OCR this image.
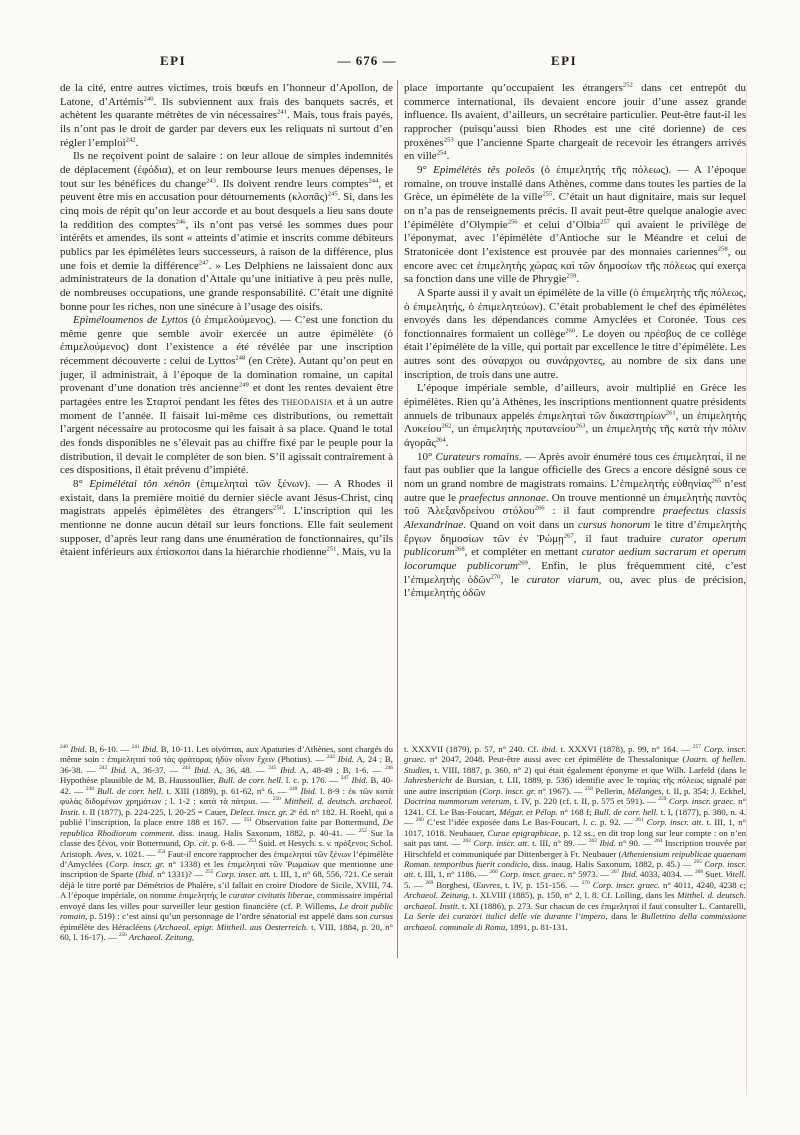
EPI	— 676 —	EPI

de la cité, entre autres victimes, trois bœufs en l’honneur d’Apollon, de Latone, d’Artémis$^{240}$. Ils subviennent aux frais des banquets sacrés, et achètent les quarante métrètes de vin nécessaires$^{241}$. Mais, tous frais payés, ils n’ont pas le droit de garder par devers eux les reliquats ni surtout d’en régler l’emploi$^{242}$.

Ils ne reçoivent point de salaire : on leur alloue de simples indemnités de déplacement (ἐφόδια), et on leur rembourse leurs menues dépenses, le tout sur les bénéfices du change$^{243}$. Ils doivent rendre leurs comptes$^{244}$, et peuvent être mis en accusation pour détournements (κλοπᾶς)$^{245}$. Si, dans les cinq mois de répit qu’on leur accorde et au bout desquels a lieu sans doute la reddition des comptes$^{246}$, ils n’ont pas versé les sommes dues pour intérêts et amendes, ils sont « atteints d’atimie et inscrits comme débiteurs publics par les épimélètes leurs successeurs, à raison de la différence, plus une fois et demie la différence$^{247}$. » Les Delphiens ne laissaient donc aux administrateurs de la donation d’Attale qu’une initiative à peu près nulle, de nombreuses occupations, une grande responsabilité. C’était une dignité bonne pour les riches, non une sinécure à l’usage des oisifs.

Epiméloumenos de Lyttos (ὁ ἐπιμελούμενος). — C’est une fonction du même genre que semble avoir exercée un autre épimélète (ὁ ἐπιμελούμενος) dont l’existence a été révélée par une inscription récemment découverte : celui de Lyttos$^{248}$ (en Crète). Autant qu’on peut en juger, il administrait, à l’époque de la domination romaine, un capital provenant d’une donation très ancienne$^{249}$ et dont les rentes devaient être partagées entre les Σταρτοί pendant les fêtes des theodaisia et à un autre moment de l’année. Il faisait lui-même ces distributions, ou remettait l’argent nécessaire au protocosme qui les faisait à sa place. Quand le total des fonds disponibles ne s’élevait pas au chiffre fixé par le peuple pour la distribution, il devait le compléter de son bien. S’il agissait contrairement à ces dispositions, il était prévenu d’impiété.

8° Epimélétai tôn xénôn (ἐπιμεληταὶ τῶν ξένων). — A Rhodes il existait, dans la première moitié du dernier siècle avant Jésus-Christ, cinq magistrats appelés épimélètes des étrangers$^{250}$. L’inscription qui les mentionne ne donne aucun détail sur leurs fonctions. Elle fait seulement supposer, d’après leur rang dans une énumération de fonctionnaires, qu’ils étaient inférieurs aux ἐπίσκοποι dans la hiérarchie rhodienne$^{251}$. Mais, vu la

place importante qu’occupaient les étrangers$^{252}$ dans cet entrepôt du commerce international, ils devaient encore jouir d’une assez grande influence. Ils avaient, d’ailleurs, un secrétaire particulier. Peut-être faut-il les rapprocher (puisqu’aussi bien Rhodes est une cité dorienne) de ces proxènes$^{253}$ que l’ancienne Sparte chargeait de recevoir les étrangers arrivés en ville$^{254}$.

9° Epimélétès tês poleôs (ὁ ἐπιμελητής τῆς πόλεως). — A l’époque romaine, on trouve installé dans Athènes, comme dans toutes les parties de la Grèce, un épimélète de la ville$^{255}$. C’était un haut dignitaire, mais sur lequel on n’a pas de renseignements précis. Il avait peut-être quelque analogie avec l’épimélète d’Olympie$^{256}$ et celui d’Olbia$^{257}$ qui avaient le privilège de l’éponymat, avec l’épimélète d’Antioche sur le Méandre et celui de Stratonicée dont l’existence est prouvée par des monnaies cariennes$^{258}$, ou encore avec cet ἐπιμελητὴς χώρας καὶ τῶν δημοσίων τῆς πόλεως qui exerça sa fonction dans une ville de Phrygie$^{259}$.

A Sparte aussi il y avait un épimélète de la ville (ὁ ἐπιμελητὴς τῆς πόλεως, ὁ ἐπιμελητής, ὁ ἐπιμελητεύων). C’était probablement le chef des épimélètes envoyés dans les dépendances comme Amyclées et Coronée. Tous ces fonctionnaires formaient un collège$^{260}$. Le doyen ou πρέσβυς de ce collège était l’épimélète de la ville, qui portait par excellence le titre d’épimélète. Les autres sont des σύναρχοι ou συνάρχοντες, au nombre de six dans une inscription, de trois dans une autre.

L’époque impériale semble, d’ailleurs, avoir multiplié en Grèce les épimélètes. Rien qu’à Athènes, les inscriptions mentionnent quatre présidents annuels de tribunaux appelés ἐπιμεληταὶ τῶν δικαστηρίων$^{261}$, un ἐπιμελητὴς Λυκείου$^{262}$, un ἐπιμελητὴς πρυτανείου$^{263}$, un ἐπιμελητὴς τῆς κατὰ τὴν πόλιν ἀγορᾶς$^{264}$.

10° Curateurs romains. — Après avoir énuméré tous ces ἐπιμεληταί, il ne faut pas oublier que la langue officielle des Grecs a encore désigné sous ce nom un grand nombre de magistrats romains. L’ἐπιμελητὴς εὐθηνίας$^{265}$ n’est autre que le praefectus annonae. On trouve mentionné un ἐπιμελητὴς παντὸς τοῦ Ἀλεξανδρείνου στόλου$^{266}$ : il faut comprendre praefectus classis Alexandrinae. Quand on voit dans un cursus honorum le titre d’ἐπιμελητὴς ἔργων δημοσίων τῶν ἐν Ῥώμῃ$^{267}$, il faut traduire curator operum publicorum$^{268}$, et compléter en mettant curator aedium sacrarum et operum locorumque publicorum$^{269}$. Enfin, le plus fréquemment cité, c’est l’ἐπιμελητὴς ὁδῶν$^{270}$, le curator viarum, ou, avec plus de précision, l’ἐπιμελητὴς ὁδῶν

$^{240}$ Ibid. B, 6-10. — $^{241}$ Ibid. B, 10-11. Les οἰνόπται, aux Apaturies d’Athènes, sont chargés du même soin : ἐπιμεληταὶ τοῦ τὰς φράτορας ἡδὺν οἶνον ἔχειν (Photius). — $^{242}$ Ibid. A, 24 ; B, 36-38. — $^{243}$ Ibid. A, 36-37. — $^{244}$ Ibid. A, 36, 48. — $^{245}$ Ibid. A, 48-49 ; B, 1-6. — $^{246}$ Hypothèse plausible de M. B. Haussoullier, Bull. de corr. hell. l. c. p. 176. — $^{247}$ Ibid. B, 40-42. — $^{248}$ Bull. de corr. hell. t. XIII (1889), p. 61-62, n° 6. — $^{249}$ Ibid. l. 8-9 : ἐκ τῶν κατὰ φυλὰς διδομένων χρημάτων ; l. 1-2 : κατὰ τὰ πάτρια. — $^{250}$ Mittheil. d. deutsch. archaeol. Instit. t. II (1877), p. 224-225, l. 20-25 = Cauer, Delect. inscr. gr. 2ᵉ éd. n° 182. H. Roehl, qui a publié l’inscription, la place entre 188 et 167. — $^{251}$ Observation faite par Bottermund, De republica Rhodiorum comment. diss. inaug. Halis Saxonum, 1882, p. 40-41. — $^{252}$ Sur la classe des ξένοι, voir Bottermund, Op. cit. p. 6-8. — $^{253}$ Suid. et Hesych. s. v. πρόξενοι; Schol. Aristoph. Aves, v. 1021. — $^{254}$ Faut-il encore rapprocher des ἐπιμεληταὶ τῶν ξένων l’épimélète d’Amyclées (Corp. inscr. gr. n° 1338) et les ἐπιμεληταὶ τῶν Ῥωμαίων que mentionne une inscription de Sparte (Ibid. n° 1331)? — $^{255}$ Corp. inscr. att. t. III, 1, n° 68, 556, 721. Ce serait déjà le titre porté par Démétrios de Phalère, s’il fallait en croire Diodore de Sicile, XVIII, 74. A l’époque impériale, on nomme ἐπιμελητής le curator civitatis liberae, commissaire impérial envoyé dans les villes pour surveiller leur gestion financière (cf. P. Willems, Le droit public romain, p. 519) : c’est ainsi qu’un personnage de l’ordre sénatorial est appelé dans son cursus épimélète des Héracléens (Archaeol. epigr. Mittheil. aus Oesterreich. t. VIII, 1884, p. 20, n° 60, l. 16-17). — $^{256}$ Archaeol. Zeitung,
t. XXXVII (1879), p. 57, n° 240. Cf. ibid. t. XXXVI (1878), p. 99, n° 164. — $^{257}$ Corp. inscr. graec. n° 2047, 2048. Peut-être aussi avec cet épimélète de Thessalonique (Journ. of hellen. Studies, t. VIII, 1887, p. 360, n° 2) qui était également éponyme et que Wilh. Larfeld (dans le Jahresbericht de Bursian, t. LII, 1889, p. 536) identifie avec le ταμίας τῆς πόλεως signalé par une autre inscription (Corp. inscr. gr. n° 1967). — $^{258}$ Pellerin, Mélanges, t. II, p. 354; J. Eckhel, Doctrina nummorum veterum, t. IV, p. 220 (cf. t. II, p. 575 et 591). — $^{259}$ Corp. inscr. graec. n° 1241. Cf. Le Bas-Foucart, Mégar. et Pélop. n° 168 f; Bull. de corr. hell. t. I, (1877), p. 380, n. 4. — $^{260}$ C’est l’idée exposée dans Le Bas-Foucart, l. c. p. 92. — $^{261}$ Corp. inscr. att. t. III, 1, n° 1017, 1018. Neubauer, Curae epigraphicae, p. 12 ss., en dit trop long sur leur compte : on n’en sait pas tant. — $^{262}$ Corp. inscr. att. t. III, n° 89. — $^{263}$ Ibid. n° 90. — $^{264}$ Inscription trouvée par Hirschfeld et communiquée par Dittenberger à Fr. Neubauer (Atheniensium reipublicae quaenam Roman. temporibus fuerit condicio, diss. inaug. Halis Saxonum, 1882, p. 45.) — $^{265}$ Corp. inscr. att. t. III, 1, n° 1186. — $^{266}$ Corp. inscr. graec. n° 5973. — $^{267}$ Ibid. 4033, 4034. — $^{268}$ Suet. Vitell. 5. — $^{269}$ Borghesi, Œuvres, t. IV, p. 151-156. — $^{270}$ Corp. inscr. graec. n° 4011, 4240, 4238 c; Archaeol. Zeitung, t. XLVIII (1885), p. 150, n° 2, l. 8. Cf. Lolling, dans les Mitthel. d. deutsch. archaeol. Instit. t. XI (1886), p. 273. Sur chacun de ces ἐπιμεληταί il faut consulter L. Cantarelli, La Serie dei curatori italici delle vie durante l’impero, dans le Bullettino della commissione archaeol. comunale di Roma, 1891, p. 81-131.
